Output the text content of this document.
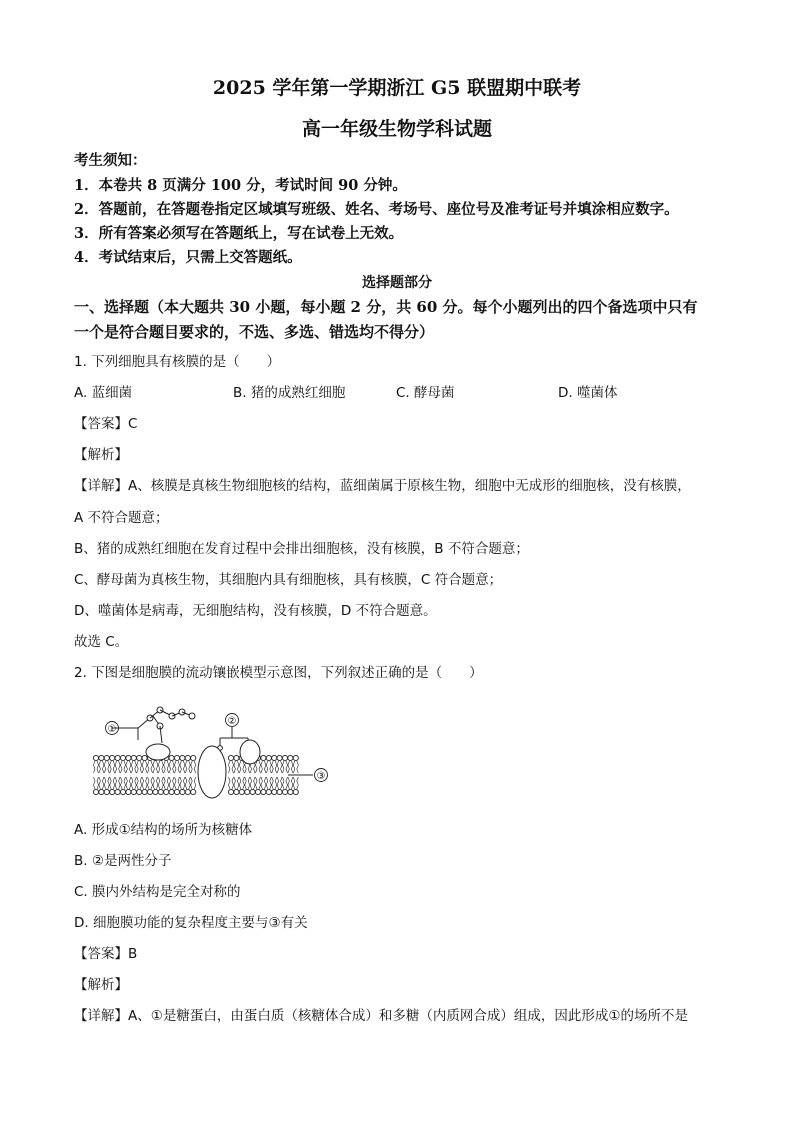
2025 学年第一学期浙江 G5 联盟期中联考
高一年级生物学科试题
考生须知：
1．本卷共 8 页满分 100 分，考试时间 90 分钟。
2．答题前，在答题卷指定区域填写班级、姓名、考场号、座位号及准考证号并填涂相应数字。
3．所有答案必须写在答题纸上，写在试卷上无效。
4．考试结束后，只需上交答题纸。
选择题部分
一、选择题（本大题共 30 小题，每小题 2 分，共 60 分。每个小题列出的四个备选项中只有
一个是符合题目要求的，不选、多选、错选均不得分）
1. 下列细胞具有核膜的是（　　）
A. 蓝细菌	B. 猪的成熟红细胞	C. 酵母菌	D. 噬菌体
【答案】C
【解析】
【详解】A、核膜是真核生物细胞核的结构，蓝细菌属于原核生物，细胞中无成形的细胞核，没有核膜，
A 不符合题意；
B、猪的成熟红细胞在发育过程中会排出细胞核，没有核膜，B 不符合题意；
C、酵母菌为真核生物，其细胞内具有细胞核，具有核膜，C 符合题意；
D、噬菌体是病毒，无细胞结构，没有核膜，D 不符合题意。
故选 C。
2. 下图是细胞膜的流动镶嵌模型示意图，下列叙述正确的是（　　）
①
②
③
A. 形成①结构的场所为核糖体
B. ②是两性分子
C. 膜内外结构是完全对称的
D. 细胞膜功能的复杂程度主要与③有关
【答案】B
【解析】
【详解】A、①是糖蛋白，由蛋白质（核糖体合成）和多糖（内质网合成）组成，因此形成①的场所不是
